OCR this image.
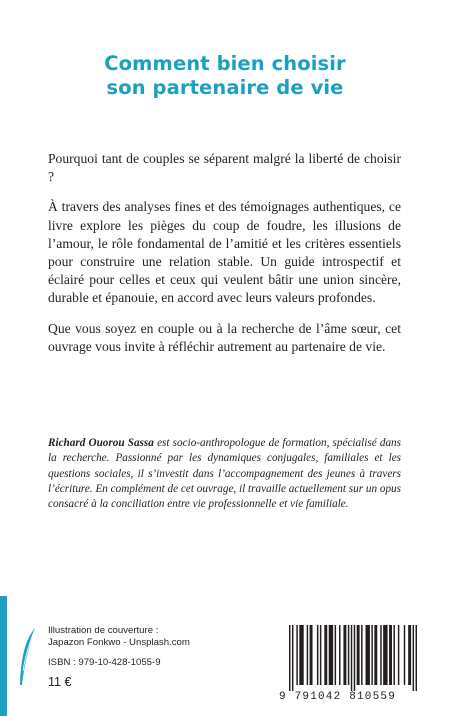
Comment bien choisir
son partenaire de vie

Pourquoi tant de couples se séparent malgré la liberté de choisir ?

À travers des analyses fines et des témoignages authentiques, ce livre explore les pièges du coup de foudre, les illusions de l’amour, le rôle fondamental de l’amitié et les critères essentiels pour construire une relation stable. Un guide introspectif et éclairé pour celles et ceux qui veulent bâtir une union sincère, durable et épanouie, en accord avec leurs valeurs profondes.

Que vous soyez en couple ou à la recherche de l’âme sœur, cet ouvrage vous invite à réfléchir autrement au partenaire de vie.

Richard Ouorou Sassa est socio-anthropologue de formation, spécialisé dans la recherche. Passionné par les dynamiques conjugales, familiales et les questions sociales, il s’investit dans l’accompagnement des jeunes à travers l’écriture. En complément de cet ouvrage, il travaille actuellement sur un opus consacré à la conciliation entre vie professionnelle et vie familiale.
Illustration de couverture :
Japazon Fonkwo - Unsplash.com
ISBN : 979-10-428-1055-9
11 €
9 791042 810559
